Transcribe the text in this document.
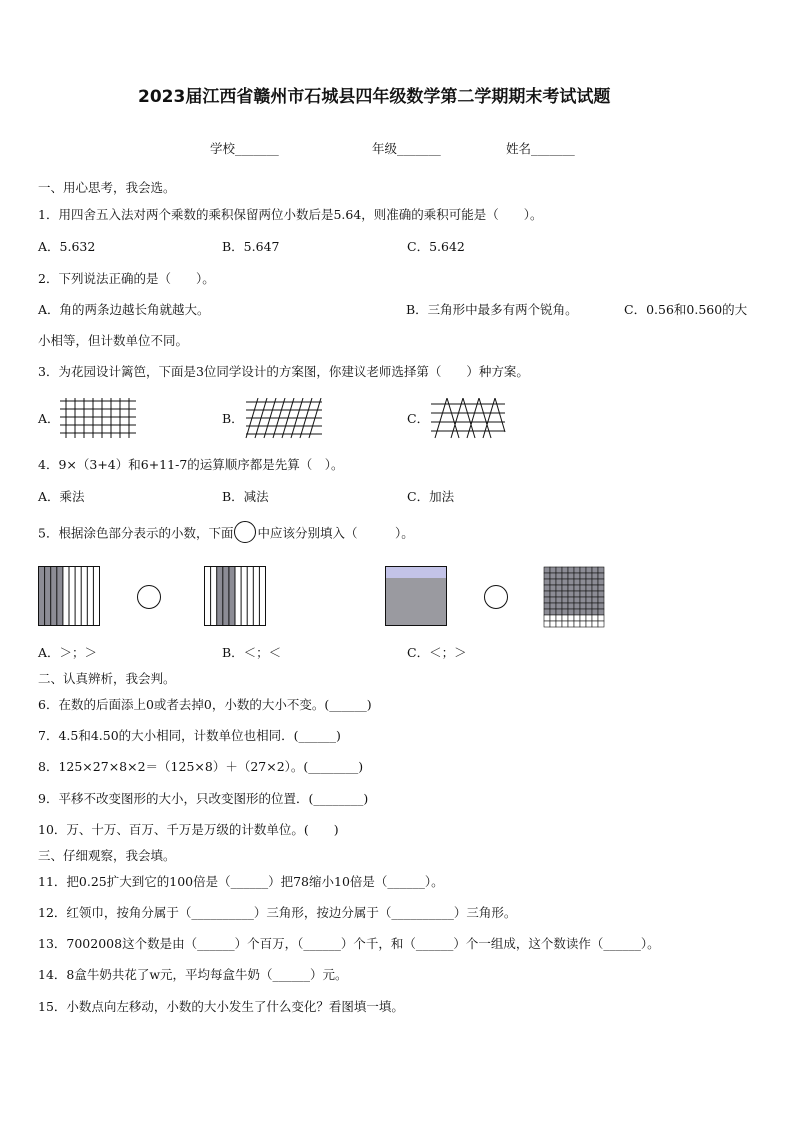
2023届江西省赣州市石城县四年级数学第二学期期末考试试题
学校_______	年级_______	姓名_______
一、用心思考，我会选。
1．用四舍五入法对两个乘数的乘积保留两位小数后是5.64，则准确的乘积可能是（　　）。
A．5.632	B．5.647	C．5.642
2．下列说法正确的是（　　）。
A．角的两条边越长角就越大。	B．三角形中最多有两个锐角。	C．0.56和0.560的大
小相等，但计数单位不同。
3．为花园设计篱笆，下面是3位同学设计的方案图，你建议老师选择第（　　）种方案。
A．	B．	C．
4．9×（3+4）和6+11-7的运算顺序都是先算（　）。
A．乘法	B．减法	C．加法
5．根据涂色部分表示的小数，下面 中应该分别填入（　　　）。
A．＞；＞	B．＜；＜	C．＜；＞
二、认真辨析，我会判。
6．在数的后面添上0或者去掉0，小数的大小不变。(______)
7．4.5和4.50的大小相同，计数单位也相同．(______)
8．125×27×8×2＝（125×8）＋（27×2）。(________)
9．平移不改变图形的大小，只改变图形的位置．(________)
10．万、十万、百万、千万是万级的计数单位。(　　)
三、仔细观察，我会填。
11．把0.25扩大到它的100倍是（______）把78缩小10倍是（______）。
12．红领巾，按角分属于（__________）三角形，按边分属于（__________）三角形。
13．7002008这个数是由（______）个百万，（______）个千，和（______）个一组成，这个数读作（______）。
14．8盒牛奶共花了w元，平均每盒牛奶（______）元。
15．小数点向左移动，小数的大小发生了什么变化？看图填一填。
